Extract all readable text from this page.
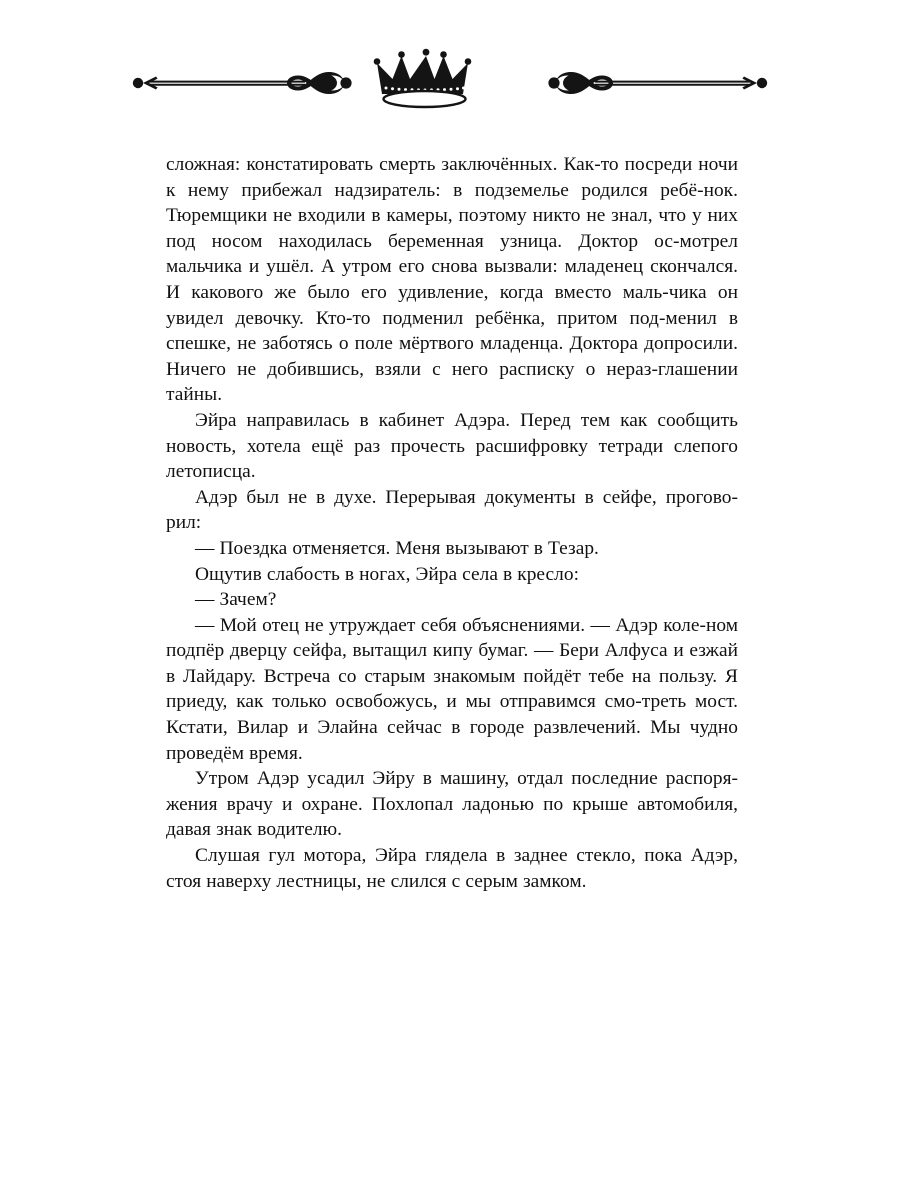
сложная: констатировать смерть заключённых. Как-то посреди ночи к нему прибежал надзиратель: в подземелье родился ребё-нок. Тюремщики не входили в камеры, поэтому никто не знал, что у них под носом находилась беременная узница. Доктор ос-мотрел мальчика и ушёл. А утром его снова вызвали: младенец скончался. И какового же было его удивление, когда вместо маль-чика он увидел девочку. Кто-то подменил ребёнка, притом под-менил в спешке, не заботясь о поле мёртвого младенца. Доктора допросили. Ничего не добившись, взяли с него расписку о нераз-глашении тайны.

Эйра направилась в кабинет Адэра. Перед тем как сообщить новость, хотела ещё раз прочесть расшифровку тетради слепого летописца.

Адэр был не в духе. Перерывая документы в сейфе, прогово-рил:

— Поездка отменяется. Меня вызывают в Тезар.

Ощутив слабость в ногах, Эйра села в кресло:

— Зачем?

— Мой отец не утруждает себя объяснениями. — Адэр коле-ном подпёр дверцу сейфа, вытащил кипу бумаг. — Бери Алфуса и езжай в Лайдару. Встреча со старым знакомым пойдёт тебе на пользу. Я приеду, как только освобожусь, и мы отправимся смо-треть мост. Кстати, Вилар и Элайна сейчас в городе развлечений. Мы чудно проведём время.

Утром Адэр усадил Эйру в машину, отдал последние распоря-жения врачу и охране. Похлопал ладонью по крыше автомобиля, давая знак водителю.

Слушая гул мотора, Эйра глядела в заднее стекло, пока Адэр, стоя наверху лестницы, не слился с серым замком.
